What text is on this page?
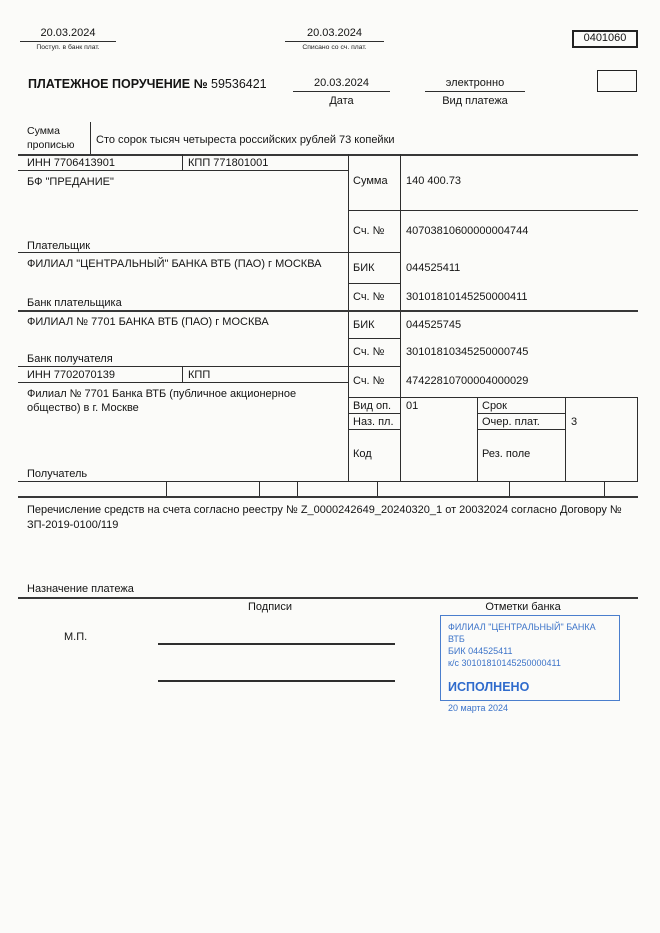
20.03.2024
Поступ. в банк плат.
20.03.2024
Списано со сч. плат.
0401060
ПЛАТЕЖНОЕ ПОРУЧЕНИЕ № 59536421	20.03.2024
Дата
электронно
Вид платежа
Сумма прописью	Сто сорок тысяч четыреста российских рублей 73 копейки
ИНН 7706413901	КПП 771801001
БФ "ПРЕДАНИЕ"	Сумма 140 400.73
Сч. № 40703810600000004744
Плательщик
ФИЛИАЛ "ЦЕНТРАЛЬНЫЙ" БАНКА ВТБ (ПАО) г МОСКВА	БИК	044525411
Сч. № 30101810145250000411
Банк плательщика
ФИЛИАЛ № 7701 БАНКА ВТБ (ПАО) г МОСКВА	БИК	044525745
Сч. № 30101810345250000745
Банк получателя
ИНН 7702070139	КПП
Филиал № 7701 Банка ВТБ (публичное акционерное общество) в г. Москве
Сч. № 47422810700004000029
Вид оп. 01	Срок
Наз. пл.	Очер. плат.	3
Код	Рез. поле
Получатель
Перечисление средств на счета согласно реестру № Z_0000242649_20240320_1 от 20032024 согласно Договору № ЗП-2019-0100/119
Назначение платежа
Подписи	Отметки банка
М.П.
ФИЛИАЛ "ЦЕНТРАЛЬНЫЙ" БАНКА ВТБ
БИК 044525411
к/с 30101810145250000411
ИСПОЛНЕНО
20 марта 2024
